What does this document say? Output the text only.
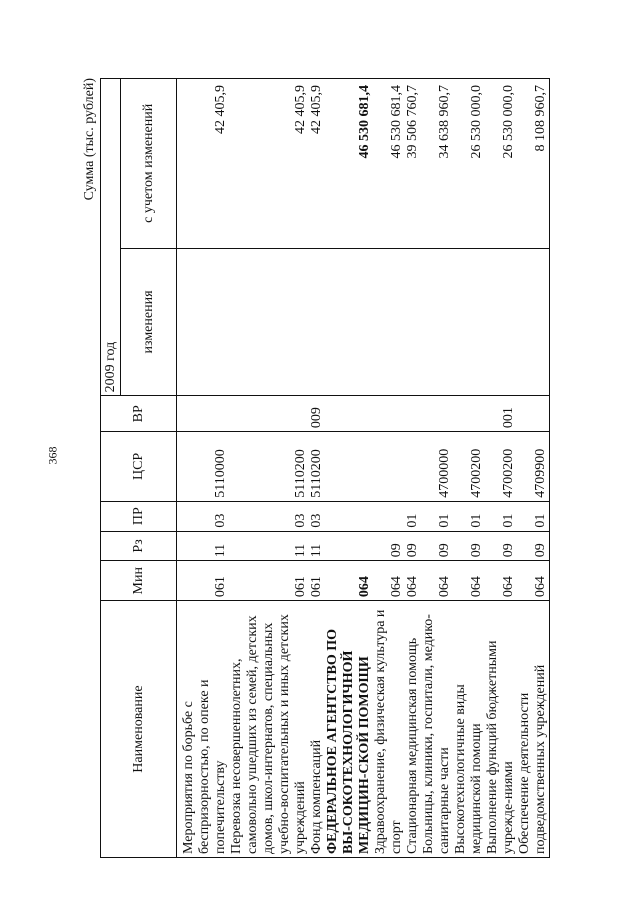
368
Сумма (тыс. рублей)
Наименование	Мин	Рз	ПР	ЦСР	ВР	2009 год	
						изменения	с учетом изменений
Мероприятия по борьбе с беспризорностью, по опеке и попечительству	061	11	03	5110000			42 405,9
Перевозка несовершеннолетних, самовольно ушедших из семей, детских домов, школ-интернатов, специальных учебно-воспитательных и иных детских учреждений	061	11	03	5110200			42 405,9
Фонд компенсаций	061	11	03	5110200	009		42 405,9
ФЕДЕРАЛЬНОЕ АГЕНТСТВО ПО ВЫ-СОКОТЕХНОЛОГИЧНОЙ МЕДИЦИН-СКОЙ ПОМОЩИ	064						46 530 681,4
Здравоохранение, физическая культура и спорт	064	09					46 530 681,4
Стационарная медицинская помощь	064	09	01				39 506 760,7
Больницы, клиники, госпитали, медико-санитарные части	064	09	01	4700000			34 638 960,7
Высокотехнологичные виды медицинской помощи	064	09	01	4700200			26 530 000,0
Выполнение функций бюджетными учрежде-ниями	064	09	01	4700200	001		26 530 000,0
Обеспечение деятельности подведомственных учреждений	064	09	01	4709900			8 108 960,7
